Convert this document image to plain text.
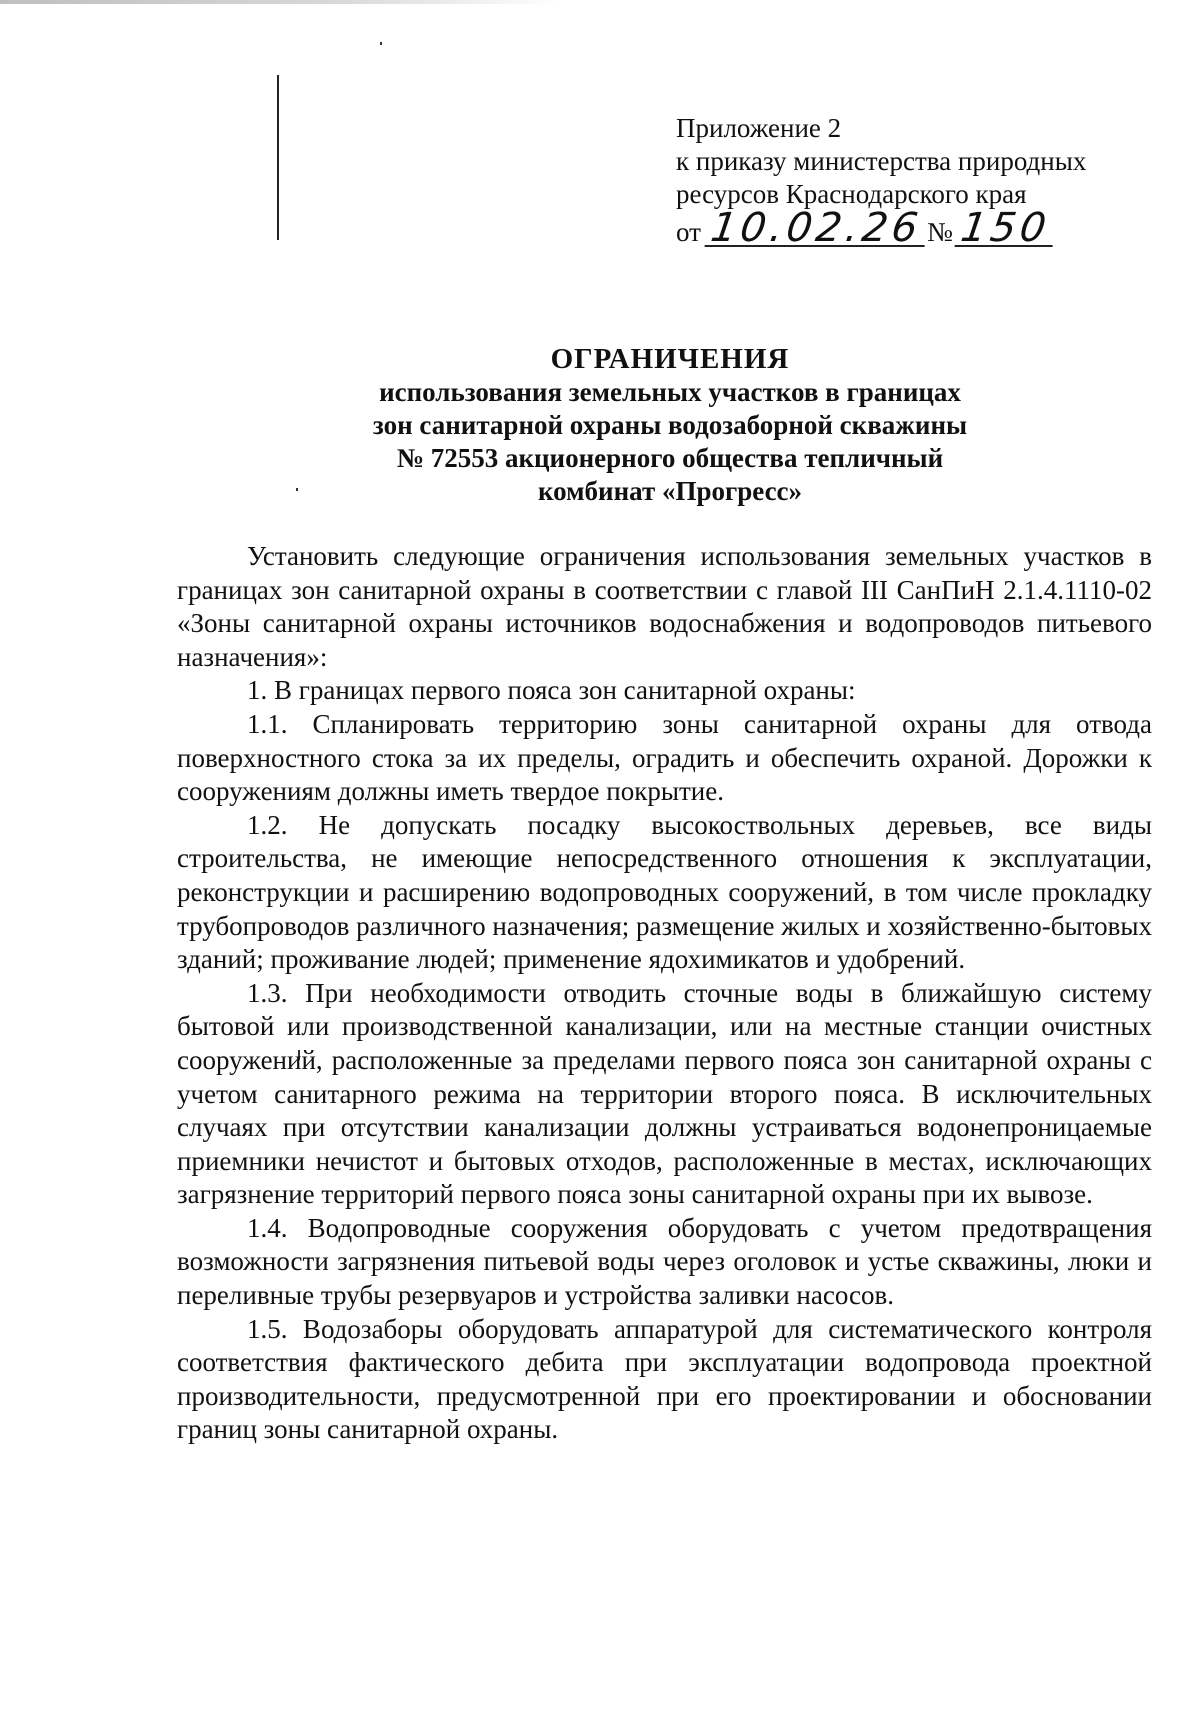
Приложение 2
к приказу министерства природных
ресурсов Краснодарского края
от 10.02.26№ 150
ОГРАНИЧЕНИЯ
использования земельных участков в границах
зон санитарной охраны водозаборной скважины
№ 72553 акционерного общества тепличный
комбинат «Прогресс»

Установить следующие ограничения использования земельных участков в границах зон санитарной охраны в соответствии с главой III СанПиН 2.1.4.1110-02 «Зоны санитарной охраны источников водоснабжения и водопроводов питьевого назначения»:

1. В границах первого пояса зон санитарной охраны:

1.1. Спланировать территорию зоны санитарной охраны для отвода поверхностного стока за их пределы, оградить и обеспечить охраной. Дорожки к сооружениям должны иметь твердое покрытие.

1.2. Не допускать посадку высокоствольных деревьев, все виды строительства, не имеющие непосредственного отношения к эксплуатации, реконструкции и расширению водопроводных сооружений, в том числе прокладку трубопроводов различного назначения; размещение жилых и хозяйственно-бытовых зданий; проживание людей; применение ядохимикатов и удобрений.

1.3. При необходимости отводить сточные воды в ближайшую систему бытовой или производственной канализации, или на местные станции очистных сооружений, расположенные за пределами первого пояса зон санитарной охраны с учетом санитарного режима на территории второго пояса. В исключительных случаях при отсутствии канализации должны устраиваться водонепроницаемые приемники нечистот и бытовых отходов, расположенные в местах, исключающих загрязнение территорий первого пояса зоны санитарной охраны при их вывозе.

1.4. Водопроводные сооружения оборудовать с учетом предотвращения возможности загрязнения питьевой воды через оголовок и устье скважины, люки и переливные трубы резервуаров и устройства заливки насосов.

1.5. Водозаборы оборудовать аппаратурой для систематического контроля соответствия фактического дебита при эксплуатации водопровода проектной производительности, предусмотренной при его проектировании и обосновании границ зоны санитарной охраны.
